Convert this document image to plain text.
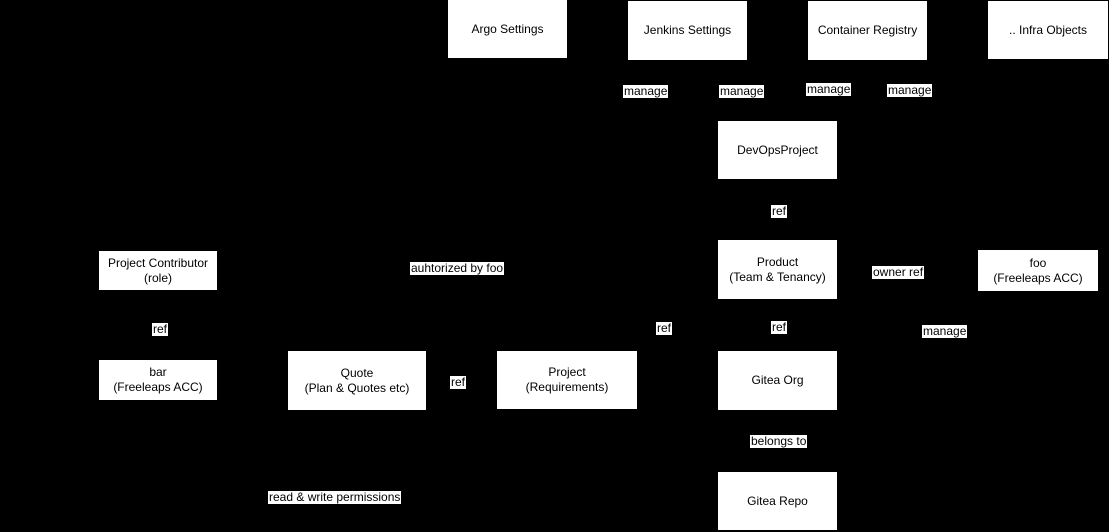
Argo Settings	Jenkins Settings	Container Registry	.. Infra Objects
DevOpsProject
Product
(Team & Tenancy)
foo
(Freeleaps ACC)
Project Contributor
(role)
bar
(Freeleaps ACC)
Quote
(Plan & Quotes etc)
Project
(Requirements)	Gitea Org
Gitea Repo
manage	manage	manage	manage
ref
owner ref
auhtorized by foo
ref	ref	ref	manage
ref
belongs to
read & write permissions
